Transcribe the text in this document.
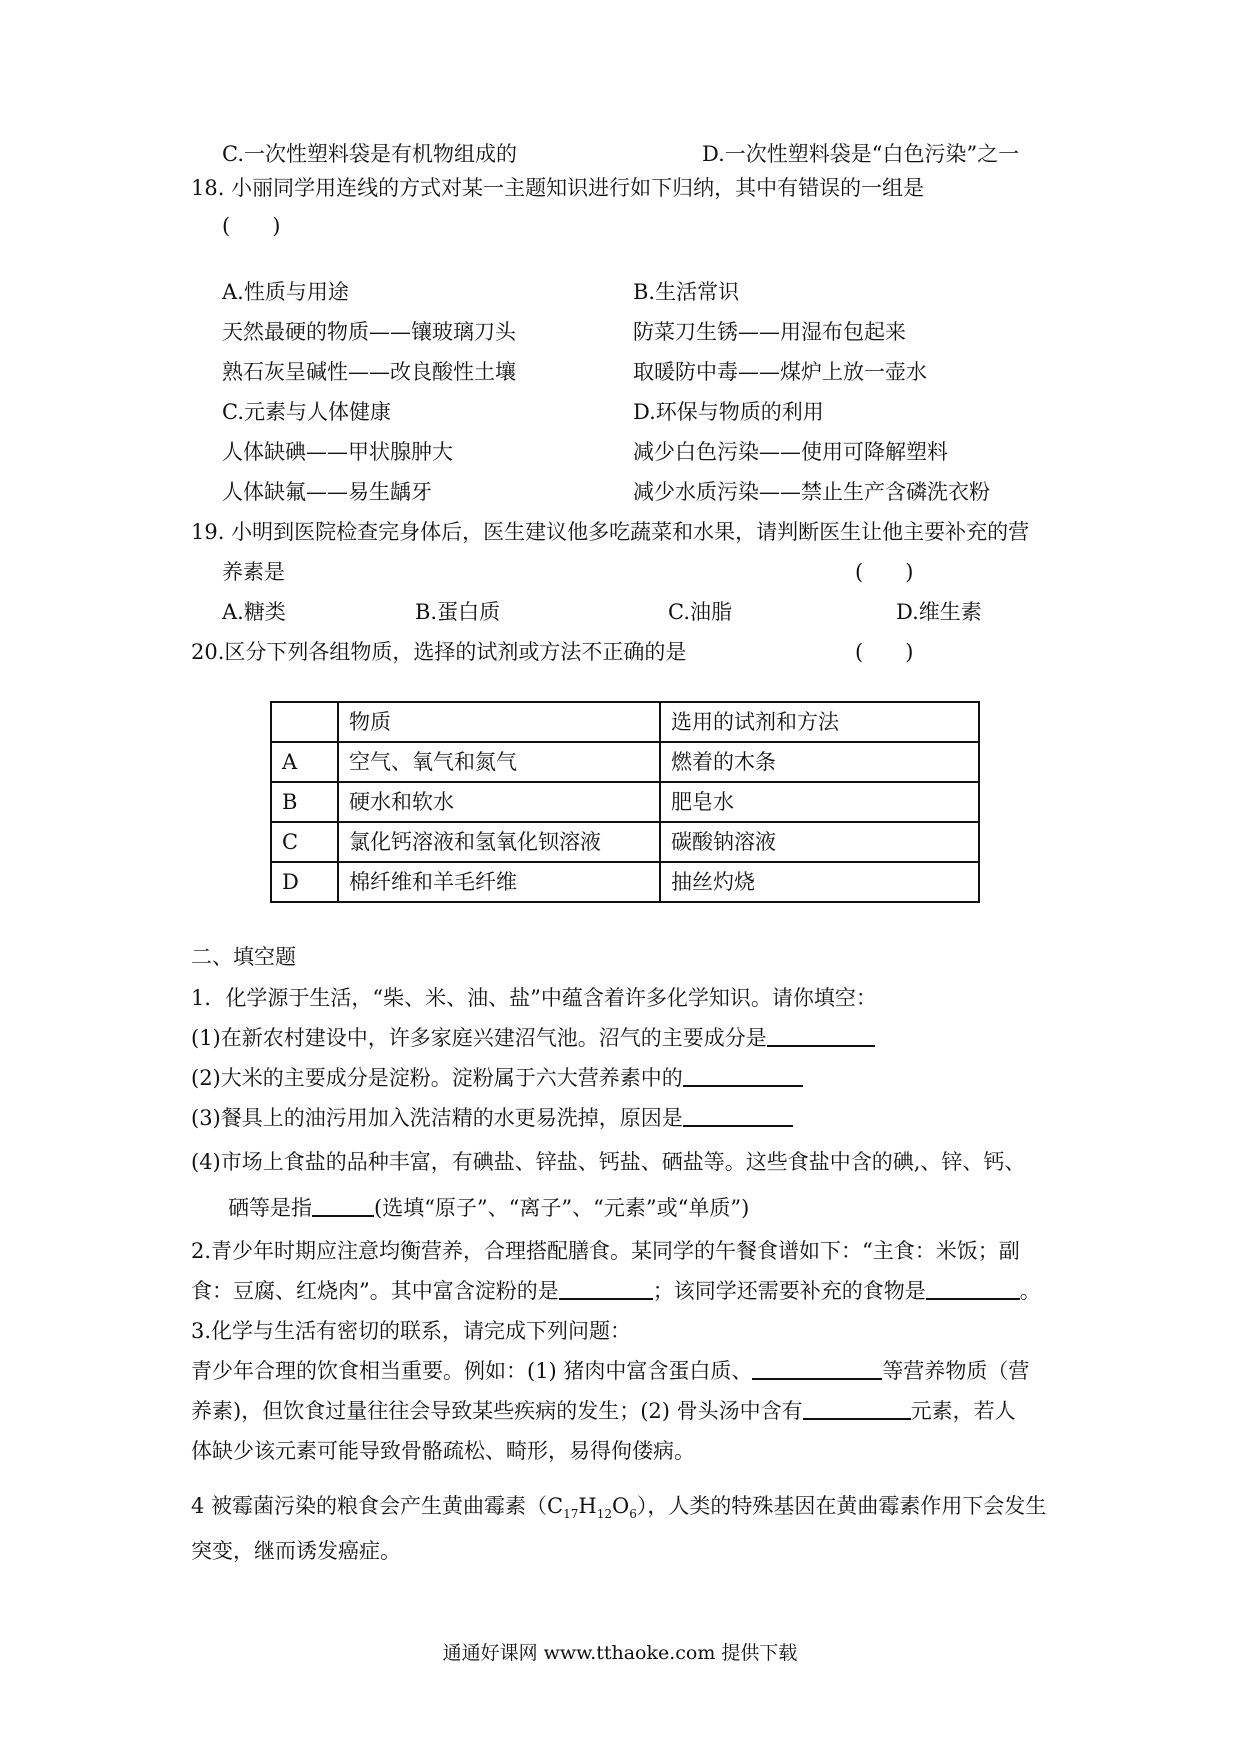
C.一次性塑料袋是有机物组成的	D.一次性塑料袋是“白色污染”之一
18. 小丽同学用连线的方式对某一主题知识进行如下归纳，其中有错误的一组是
(　　)
A.性质与用途
天然最硬的物质——镶玻璃刀头
熟石灰呈碱性——改良酸性土壤
B.生活常识
防菜刀生锈——用湿布包起来
取暖防中毒——煤炉上放一壶水
C.元素与人体健康
人体缺碘——甲状腺肿大
人体缺氟——易生龋牙
D.环保与物质的利用
减少白色污染——使用可降解塑料
减少水质污染——禁止生产含磷洗衣粉
19. 小明到医院检查完身体后，医生建议他多吃蔬菜和水果，请判断医生让他主要补充的营
养素是	(　　)
A.糖类	B.蛋白质	C.油脂	D.维生素
20.区分下列各组物质，选择的试剂或方法不正确的是	(　　)
	物质	选用的试剂和方法
A	空气、氧气和氮气	燃着的木条
B	硬水和软水	肥皂水
C	氯化钙溶液和氢氧化钡溶液	碳酸钠溶液
D	棉纤维和羊毛纤维	抽丝灼烧
二、填空题
1．化学源于生活，“柴、米、油、盐”中蕴含着许多化学知识。请你填空：
(1)在新农村建设中，许多家庭兴建沼气池。沼气的主要成分是
(2)大米的主要成分是淀粉。淀粉属于六大营养素中的
(3)餐具上的油污用加入洗洁精的水更易洗掉，原因是
(4)市场上食盐的品种丰富，有碘盐、锌盐、钙盐、硒盐等。这些食盐中含的碘,、锌、钙、
硒等是指	(选填“原子”、“离子”、“元素”或“单质”)
2.青少年时期应注意均衡营养，合理搭配膳食。某同学的午餐食谱如下：“主食：米饭；副
食：豆腐、红烧肉”。其中富含淀粉的是	；该同学还需要补充的食物是	。
3.化学与生活有密切的联系，请完成下列问题：
青少年合理的饮食相当重要。例如：(1) 猪肉中富含蛋白质、	等营养物质（营
养素)，但饮食过量往往会导致某些疾病的发生；(2) 骨头汤中含有	元素，若人
体缺少该元素可能导致骨骼疏松、畸形，易得佝偻病。
4 被霉菌污染的粮食会产生黄曲霉素$(C_{17}H_{12}O_6)$，人类的特殊基因在黄曲霉素作用下会发生
突变，继而诱发癌症。
通通好课网 www.tthaoke.com 提供下载
